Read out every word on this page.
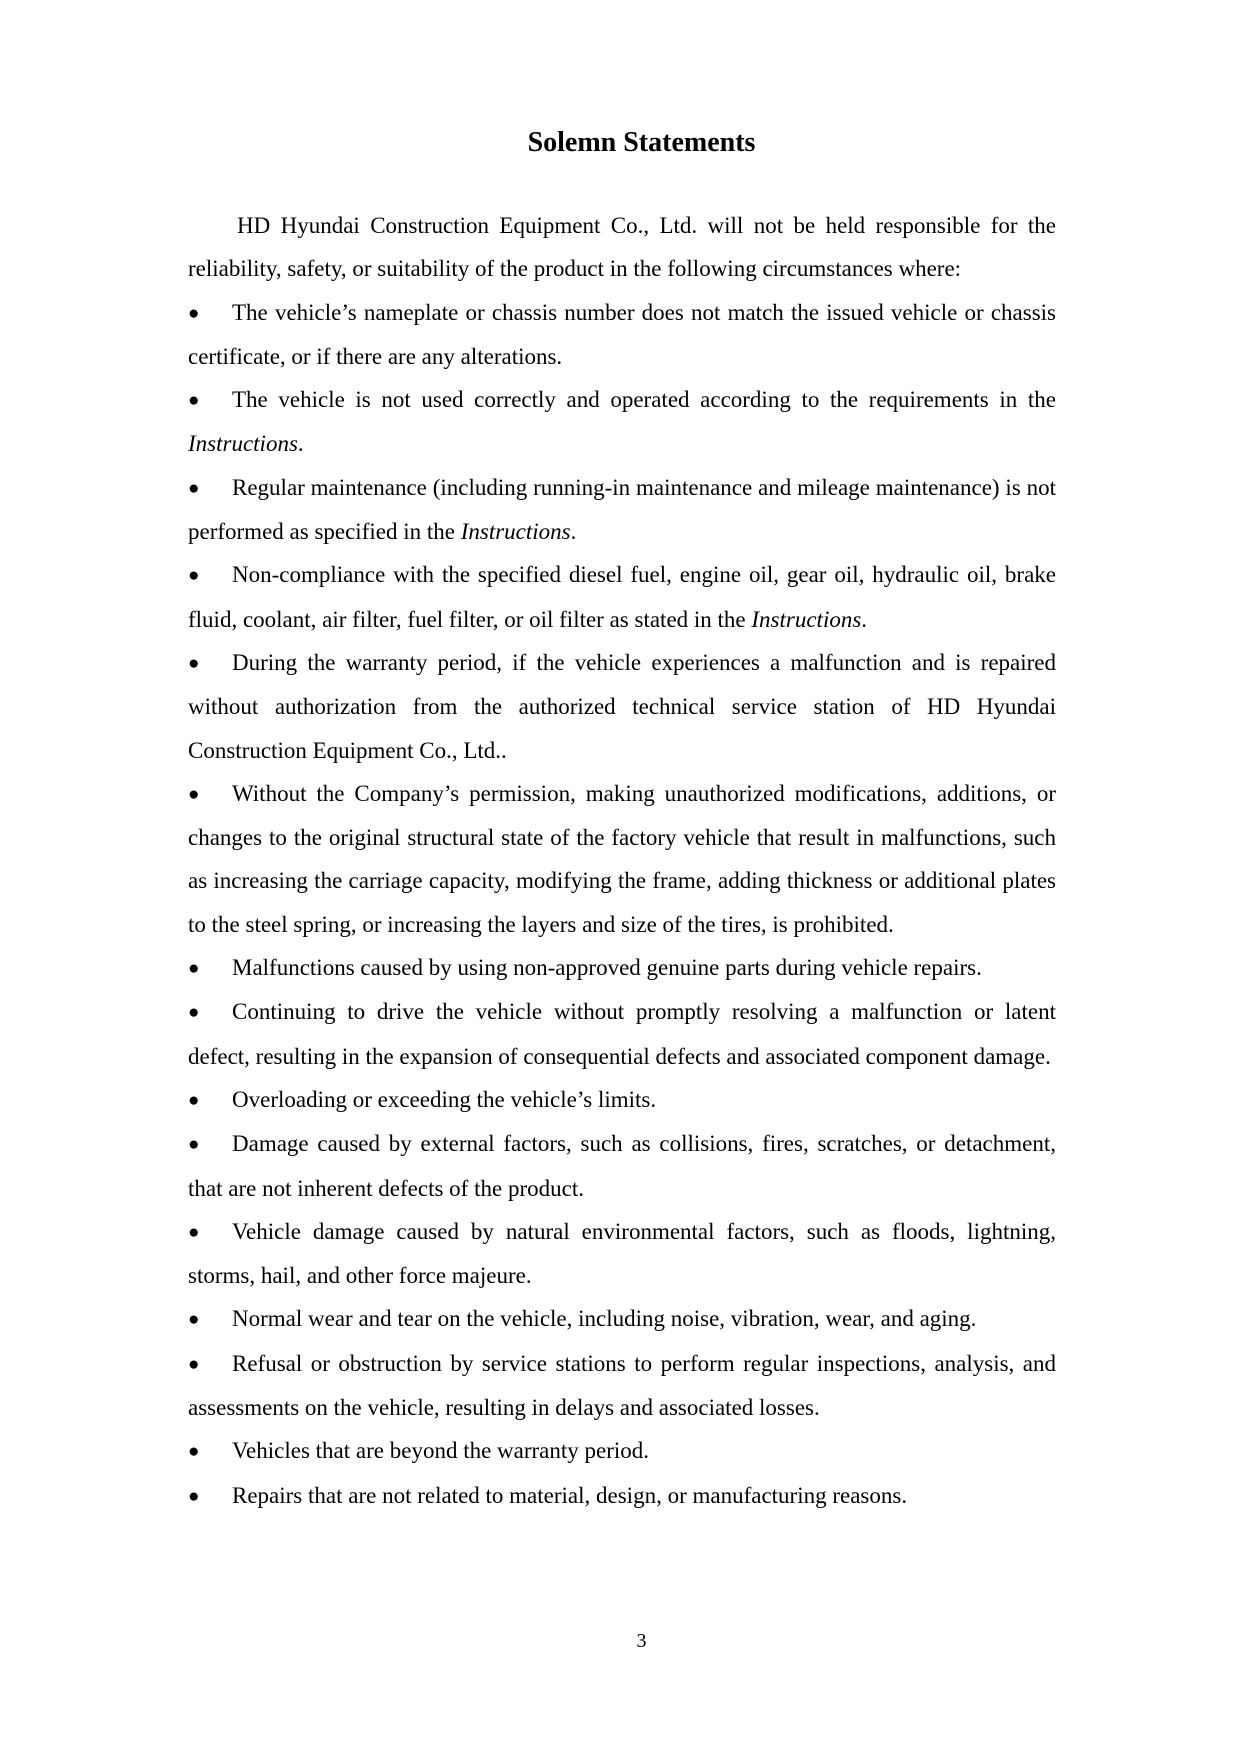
Solemn Statements

HD Hyundai Construction Equipment Co., Ltd. will not be held responsible for the reliability, safety, or suitability of the product in the following circumstances where:

● The vehicle’s nameplate or chassis number does not match the issued vehicle or chassis certificate, or if there are any alterations.
● The vehicle is not used correctly and operated according to the requirements in the Instructions.
● Regular maintenance (including running-in maintenance and mileage maintenance) is not performed as specified in the Instructions.
● Non-compliance with the specified diesel fuel, engine oil, gear oil, hydraulic oil, brake fluid, coolant, air filter, fuel filter, or oil filter as stated in the Instructions.
● During the warranty period, if the vehicle experiences a malfunction and is repaired without authorization from the authorized technical service station of HD Hyundai Construction Equipment Co., Ltd..
● Without the Company’s permission, making unauthorized modifications, additions, or changes to the original structural state of the factory vehicle that result in malfunctions, such as increasing the carriage capacity, modifying the frame, adding thickness or additional plates to the steel spring, or increasing the layers and size of the tires, is prohibited.
● Malfunctions caused by using non-approved genuine parts during vehicle repairs.
● Continuing to drive the vehicle without promptly resolving a malfunction or latent defect, resulting in the expansion of consequential defects and associated component damage.
● Overloading or exceeding the vehicle’s limits.
● Damage caused by external factors, such as collisions, fires, scratches, or detachment, that are not inherent defects of the product.
● Vehicle damage caused by natural environmental factors, such as floods, lightning, storms, hail, and other force majeure.
● Normal wear and tear on the vehicle, including noise, vibration, wear, and aging.
● Refusal or obstruction by service stations to perform regular inspections, analysis, and assessments on the vehicle, resulting in delays and associated losses.
● Vehicles that are beyond the warranty period.
● Repairs that are not related to material, design, or manufacturing reasons.
3
